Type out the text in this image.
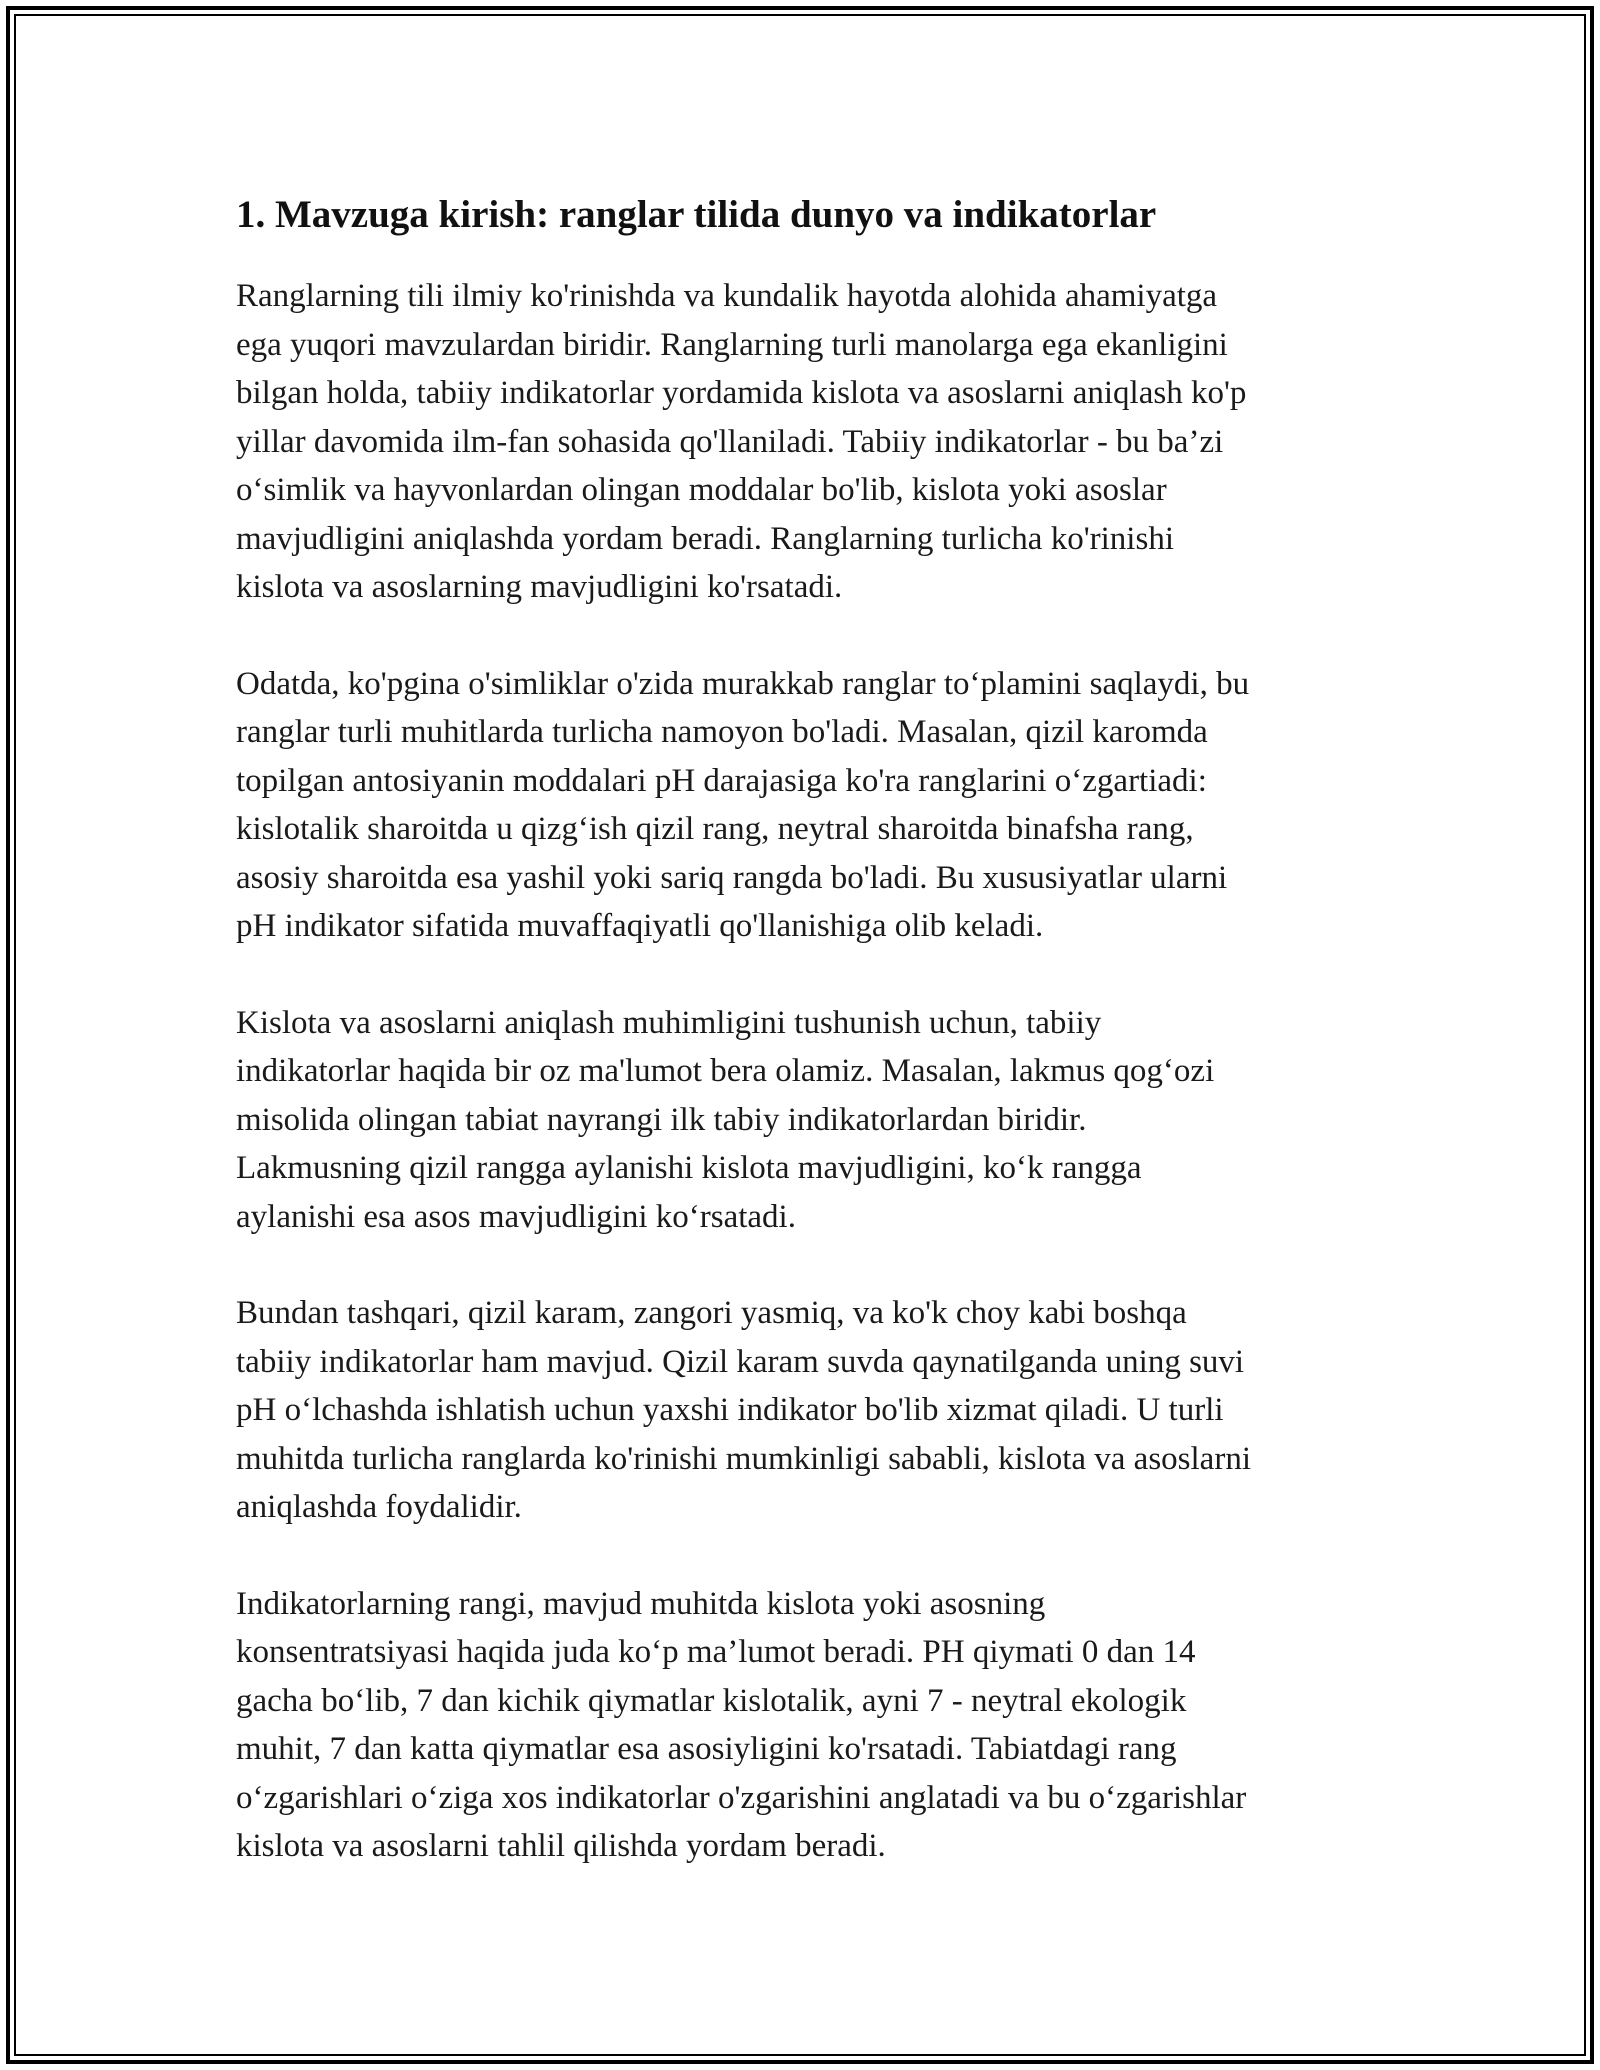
1. Mavzuga kirish: ranglar tilida dunyo va indikatorlar

Ranglarning tili ilmiy ko'rinishda va kundalik hayotda alohida ahamiyatga
ega yuqori mavzulardan biridir. Ranglarning turli manolarga ega ekanligini
bilgan holda, tabiiy indikatorlar yordamida kislota va asoslarni aniqlash ko'p
yillar davomida ilm-fan sohasida qo'llaniladi. Tabiiy indikatorlar - bu ba’zi
o‘simlik va hayvonlardan olingan moddalar bo'lib, kislota yoki asoslar
mavjudligini aniqlashda yordam beradi. Ranglarning turlicha ko'rinishi
kislota va asoslarning mavjudligini ko'rsatadi.

Odatda, ko'pgina o'simliklar o'zida murakkab ranglar to‘plamini saqlaydi, bu
ranglar turli muhitlarda turlicha namoyon bo'ladi. Masalan, qizil karomda
topilgan antosiyanin moddalari pH darajasiga ko'ra ranglarini o‘zgartiadi:
kislotalik sharoitda u qizg‘ish qizil rang, neytral sharoitda binafsha rang,
asosiy sharoitda esa yashil yoki sariq rangda bo'ladi. Bu xususiyatlar ularni
pH indikator sifatida muvaffaqiyatli qo'llanishiga olib keladi.

Kislota va asoslarni aniqlash muhimligini tushunish uchun, tabiiy
indikatorlar haqida bir oz ma'lumot bera olamiz. Masalan, lakmus qog‘ozi
misolida olingan tabiat nayrangi ilk tabiy indikatorlardan biridir.
Lakmusning qizil rangga aylanishi kislota mavjudligini, ko‘k rangga
aylanishi esa asos mavjudligini ko‘rsatadi.

Bundan tashqari, qizil karam, zangori yasmiq, va ko'k choy kabi boshqa
tabiiy indikatorlar ham mavjud. Qizil karam suvda qaynatilganda uning suvi
pH o‘lchashda ishlatish uchun yaxshi indikator bo'lib xizmat qiladi. U turli
muhitda turlicha ranglarda ko'rinishi mumkinligi sababli, kislota va asoslarni
aniqlashda foydalidir.

Indikatorlarning rangi, mavjud muhitda kislota yoki asosning
konsentratsiyasi haqida juda ko‘p ma’lumot beradi. PH qiymati 0 dan 14
gacha bo‘lib, 7 dan kichik qiymatlar kislotalik, ayni 7 - neytral ekologik
muhit, 7 dan katta qiymatlar esa asosiyligini ko'rsatadi. Tabiatdagi rang
o‘zgarishlari o‘ziga xos indikatorlar o'zgarishini anglatadi va bu o‘zgarishlar
kislota va asoslarni tahlil qilishda yordam beradi.
